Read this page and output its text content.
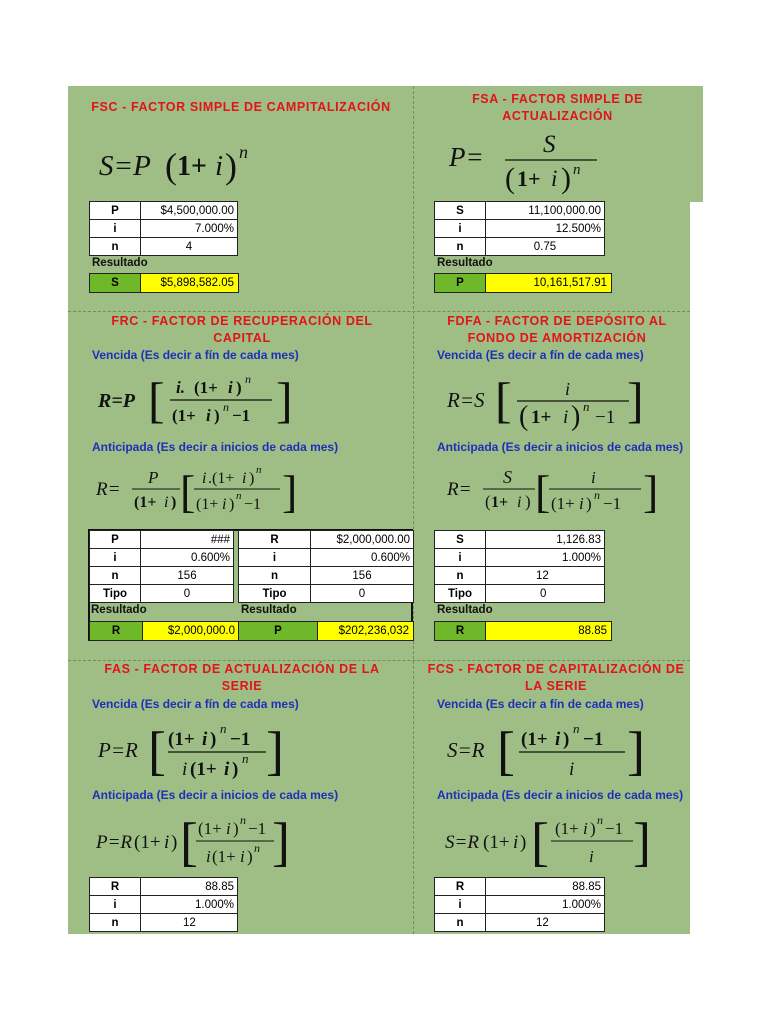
FSC - FACTOR SIMPLE DE CAMPITALIZACIÓN
S=P ( 1+ i ) n
P	$4,500,000.00
i	7.000%
n	4
Resultado
S	$5,898,582.05
FSA - FACTOR SIMPLE DE ACTUALIZACIÓN
P= S
( 1+ i ) n
S	11,100,000.00
i	12.500%
n	0.75
Resultado
P	10,161,517.91
FRC - FACTOR DE RECUPERACIÓN DEL CAPITAL
Vencida (Es decir a fín de cada mes)
R=P [ i. (1+ i ) n
(1+ i ) n −1 ]
Anticipada (Es decir a inicios de cada mes)
R=
P
(1+ i ) [ i .(1+ i ) n
(1+ i ) n −1 ]
P	###
i	0.600%
n	156
Tipo	0
R	$2,000,000.00
i	0.600%
n	156
Tipo	0
Resultado	Resultado
R	$2,000,000.0	P	$202,236,032
FDFA - FACTOR DE DEPÓSITO AL FONDO DE AMORTIZACIÓN
Vencida (Es decir a fín de cada mes)
R=S [	i
( 1+ i ) n
−1 ]
Anticipada (Es decir a inicios de cada mes)
R=
S
( 1+ i ) [ i
(1+ i ) n −1 ]
S	1,126.83
i	1.000%
n	12
Tipo	0
Resultado
R	88.85
FAS - FACTOR DE ACTUALIZACIÓN DE LA SERIE
Vencida (Es decir a fín de cada mes)
P=R [ (1+ i )
n
−1
i (1+ i )
n ]
Anticipada (Es decir a inicios de cada mes)
P=R (1+ i ) [ (1+ i ) n −1
i (1+ i ) n ]
R	88.85
i	1.000%
n	12
FCS - FACTOR DE CAPITALIZACIÓN DE LA SERIE
Vencida (Es decir a fín de cada mes)
S=R [ (1+ i )
n
−1
i ]
Anticipada (Es decir a inicios de cada mes)
S=R (1+ i ) [ (1+ i ) n −1
i ]
R	88.85
i	1.000%
n	12
